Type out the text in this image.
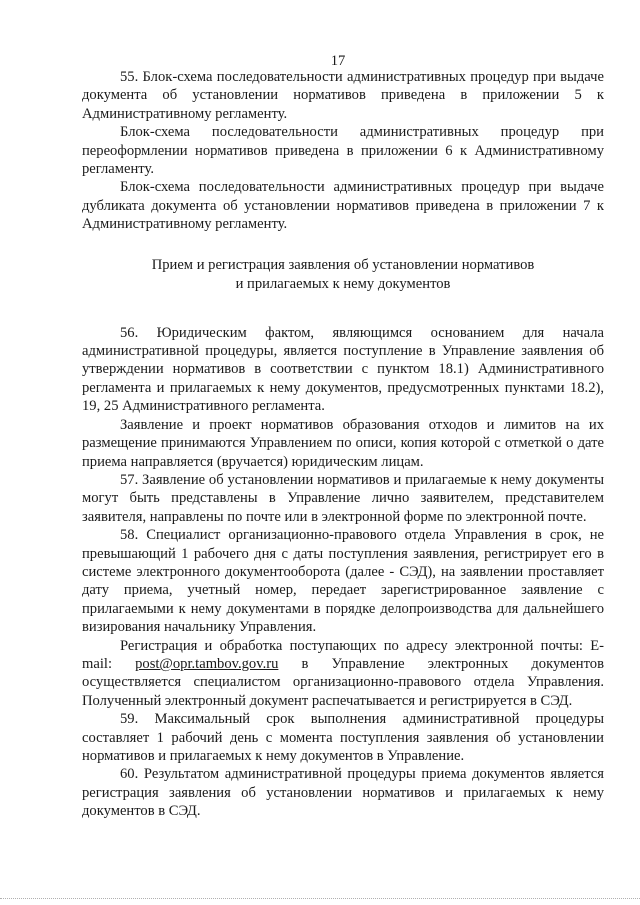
17

55. Блок-схема последовательности административных процедур при выдаче документа об установлении нормативов приведена в приложении 5 к Административному регламенту.

Блок-схема последовательности административных процедур при переоформлении нормативов приведена в приложении 6 к Административному регламенту.

Блок-схема последовательности административных процедур при выдаче дубликата документа об установлении нормативов приведена в приложении 7 к Административному регламенту.

Прием и регистрация заявления об установлении нормативов
и прилагаемых к нему документов

56. Юридическим фактом, являющимся основанием для начала административной процедуры, является поступление в Управление заявления об утверждении нормативов в соответствии с пунктом 18.1) Административного регламента и прилагаемых к нему документов, предусмотренных пунктами 18.2), 19, 25 Административного регламента.

Заявление и проект нормативов образования отходов и лимитов на их размещение принимаются Управлением по описи, копия которой с отметкой о дате приема направляется (вручается) юридическим лицам.

57. Заявление об установлении нормативов и прилагаемые к нему документы могут быть представлены в Управление лично заявителем, представителем заявителя, направлены по почте или в электронной форме по электронной почте.

58. Специалист организационно-правового отдела Управления в срок, не превышающий 1 рабочего дня с даты поступления заявления, регистрирует его в системе электронного документооборота (далее - СЭД), на заявлении проставляет дату приема, учетный номер, передает зарегистрированное заявление с прилагаемыми к нему документами в порядке делопроизводства для дальнейшего визирования начальнику Управления.

Регистрация и обработка поступающих по адресу электронной почты: E-mail: post@opr.tambov.gov.ru в Управление электронных документов осуществляется специалистом организационно-правового отдела Управления. Полученный электронный документ распечатывается и регистрируется в СЭД.

59. Максимальный срок выполнения административной процедуры составляет 1 рабочий день с момента поступления заявления об установлении нормативов и прилагаемых к нему документов в Управление.

60. Результатом административной процедуры приема документов является регистрация заявления об установлении нормативов и прилагаемых к нему документов в СЭД.
